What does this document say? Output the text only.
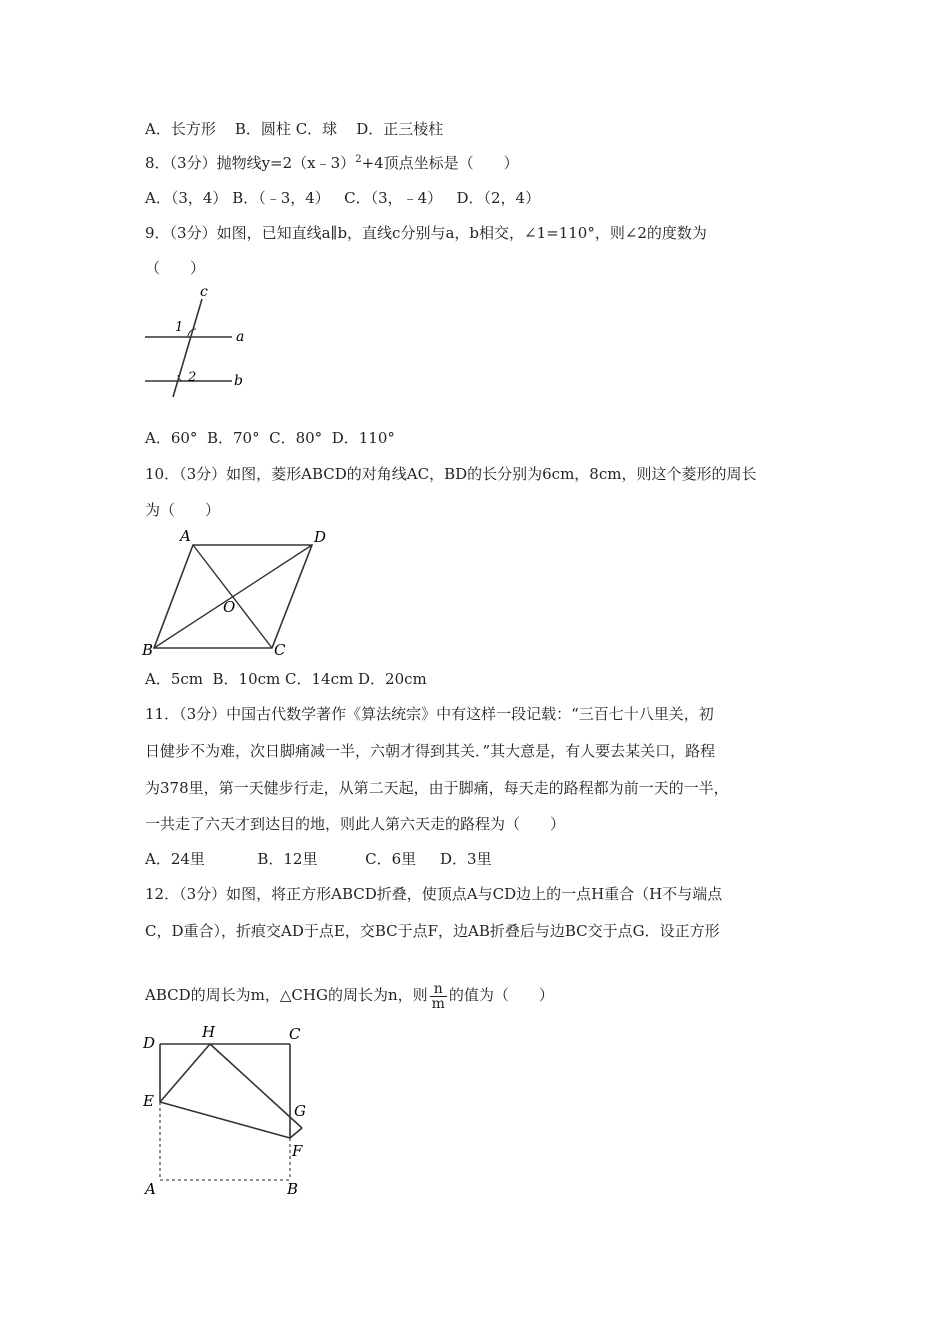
A．长方形    B．圆柱 C．球    D．正三棱柱
8．（3分）抛物线y=2（x﹣3）$^2$+4顶点坐标是（　　）
A．（3，4） B．（﹣3，4）   C．（3，﹣4）   D．（2，4）
9．（3分）如图，已知直线a∥b，直线c分别与a，b相交，∠1=110°，则∠2的度数为
（　　）
c
a
b
1
2
A．60°  B．70°  C．80°  D．110°
10．（3分）如图，菱形ABCD的对角线AC，BD的长分别为6cm，8cm，则这个菱形的周长
为（　　）
A	D
B	C
O
A．5cm  B．10cm C．14cm D．20cm
11．（3分）中国古代数学著作《算法统宗》中有这样一段记载：“三百七十八里关，初
日健步不为难，次日脚痛减一半，六朝才得到其关．”其大意是，有人要去某关口，路程
为378里，第一天健步行走，从第二天起，由于脚痛，每天走的路程都为前一天的一半，
一共走了六天才到达目的地，则此人第六天走的路程为（　　）
A．24里           B．12里          C．6里     D．3里
12．（3分）如图，将正方形ABCD折叠，使顶点A与CD边上的一点H重合（H不与端点
C，D重合），折痕交AD于点E，交BC于点F，边AB折叠后与边BC交于点G．设正方形
ABCD的周长为m，△CHG的周长为n，则 $\frac{n}{m}$ 的值为（　　）
D
H	C
E
G
F
A	B
